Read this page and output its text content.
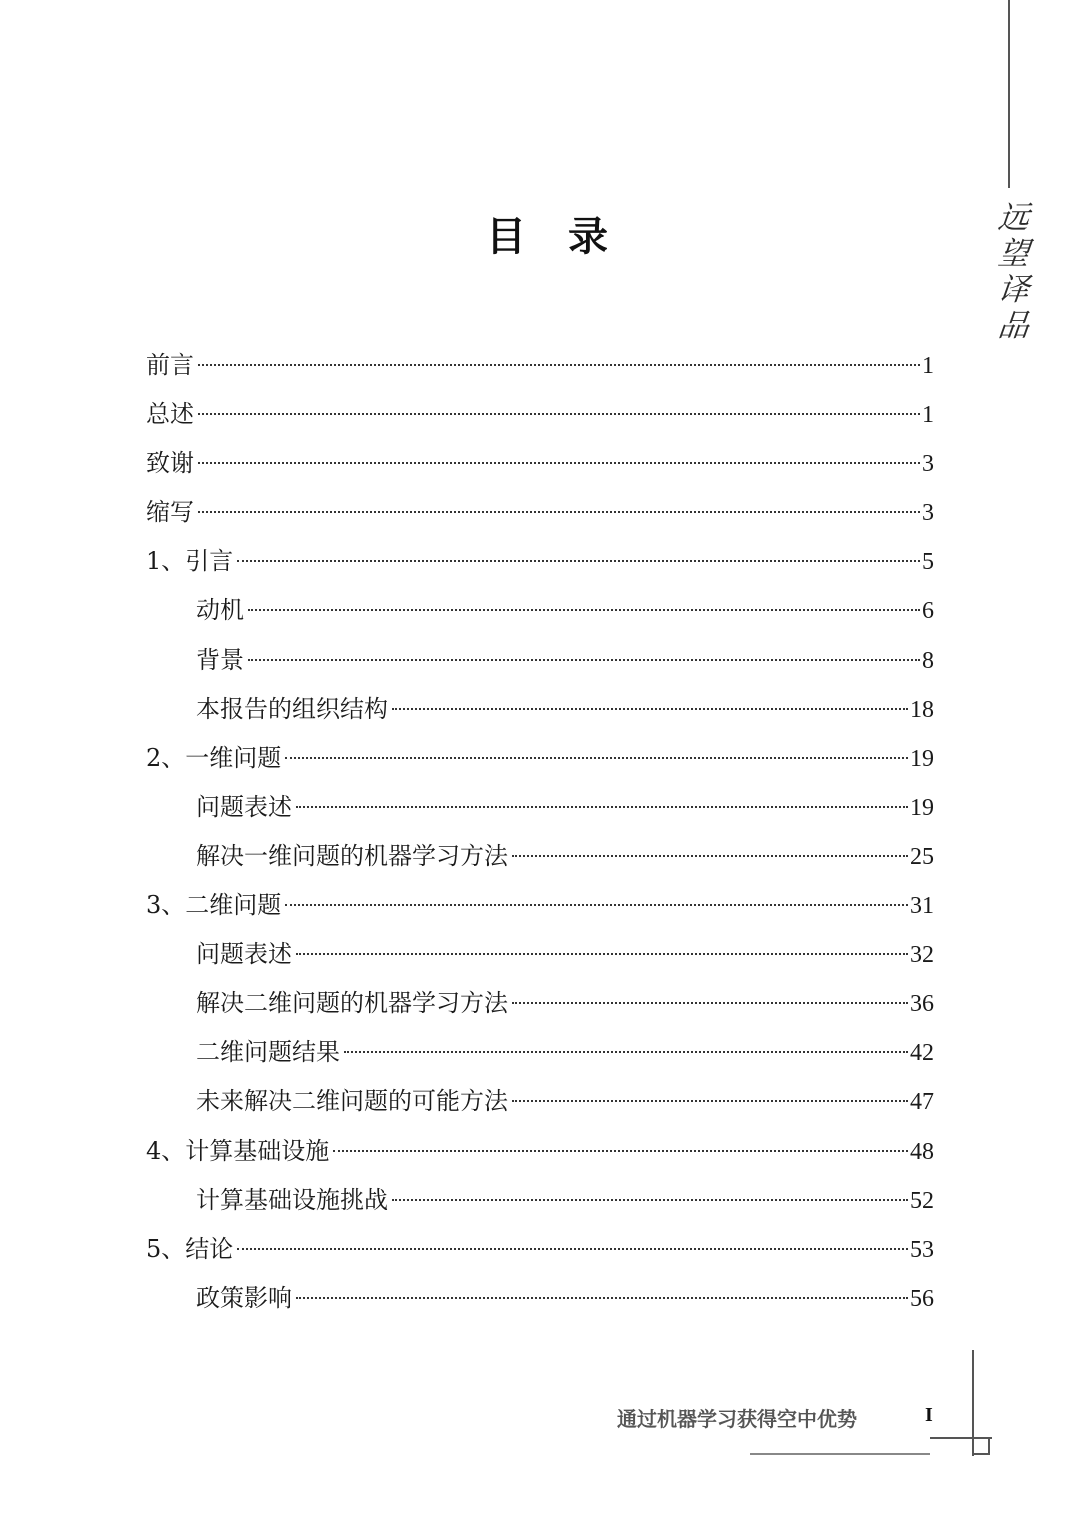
远
望
译
品
目 录
前言	1
总述	1
致谢	3
缩写	3
1、引言	5
动机	6
背景	8
本报告的组织结构	18
2、一维问题	19
问题表述	19
解决一维问题的机器学习方法	25
3、二维问题	31
问题表述	32
解决二维问题的机器学习方法	36
二维问题结果	42
未来解决二维问题的可能方法	47
4、计算基础设施	48
计算基础设施挑战	52
5、结论	53
政策影响	56
通过机器学习获得空中优势	I
